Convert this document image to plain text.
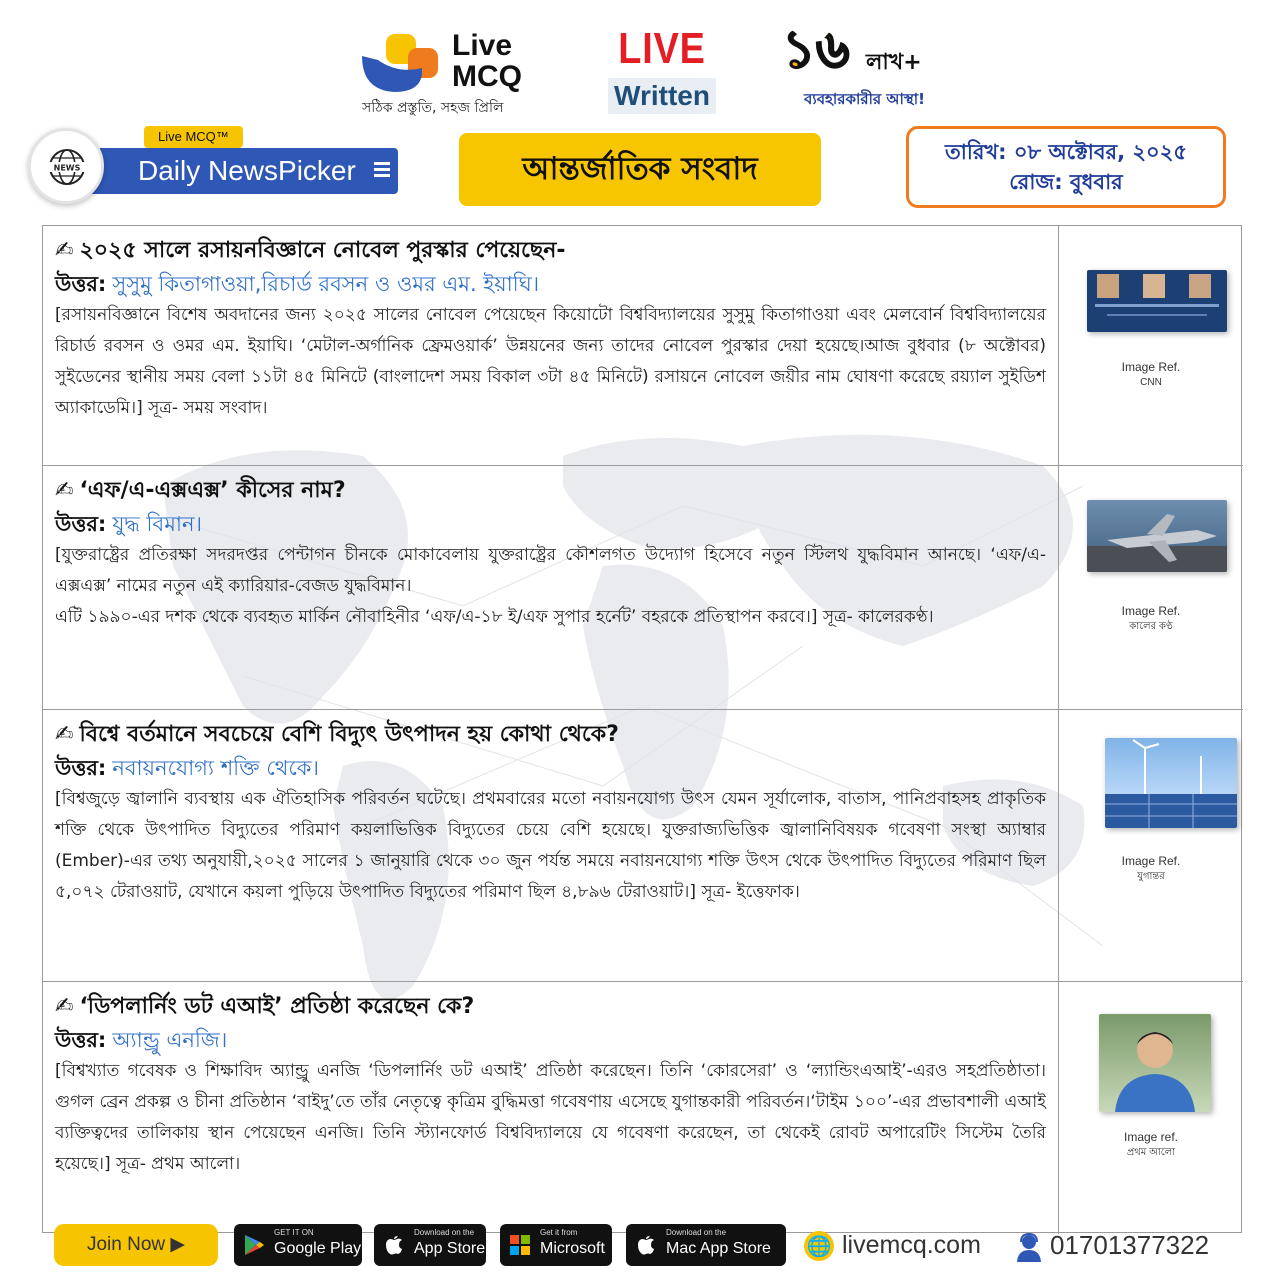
Live
MCQ
সঠিক প্রস্তুতি, সহজ প্রিলি
LIVE
Written
১৬ লাখ+
ব্যবহারকারীর আস্থা!
NEWS	Daily NewsPicker
Live MCQ™
আন্তর্জাতিক সংবাদ	তারিখ: ০৮ অক্টোবর, ২০২৫
রোজ: বুধবার
✍ ২০২৫ সালে রসায়নবিজ্ঞানে নোবেল পুরস্কার পেয়েছেন-
উত্তর: সুসুমু কিতাগাওয়া,রিচার্ড রবসন ও ওমর এম. ইয়াঘি।
[রসায়নবিজ্ঞানে বিশেষ অবদানের জন্য ২০২৫ সালের নোবেল পেয়েছেন কিয়োটো বিশ্ববিদ্যালয়ের সুসুমু কিতাগাওয়া এবং মেলবোর্ন বিশ্ববিদ্যালয়ের রিচার্ড রবসন ও ওমর এম. ইয়াঘি। ‘মেটাল-অর্গানিক ফ্রেমওয়ার্ক’ উন্নয়নের জন্য তাদের নোবেল পুরস্কার দেয়া হয়েছে।আজ বুধবার (৮ অক্টোবর) সুইডেনের স্থানীয় সময় বেলা ১১টা ৪৫ মিনিটে (বাংলাদেশ সময় বিকাল ৩টা ৪৫ মিনিটে) রসায়নে নোবেল জয়ীর নাম ঘোষণা করেছে রয়্যাল সুইডিশ অ্যাকাডেমি।] সূত্র- সময় সংবাদ।
Image Ref.
CNN
✍ ‘এফ/এ-এক্সএক্স’ কীসের নাম?
উত্তর: যুদ্ধ বিমান।
[যুক্তরাষ্ট্রের প্রতিরক্ষা সদরদপ্তর পেন্টাগন চীনকে মোকাবেলায় যুক্তরাষ্ট্রের কৌশলগত উদ্যোগ হিসেবে নতুন স্টিলথ যুদ্ধবিমান আনছে। ‘এফ/এ-এক্সএক্স’ নামের নতুন এই ক্যারিয়ার-বেজড যুদ্ধবিমান।
এটি ১৯৯০-এর দশক থেকে ব্যবহৃত মার্কিন নৌবাহিনীর ‘এফ/এ-১৮ ই/এফ সুপার হর্নেট’ বহরকে প্রতিস্থাপন করবে।] সূত্র- কালেরকণ্ঠ।	Image Ref.
কালের কণ্ঠ
✍ বিশ্বে বর্তমানে সবচেয়ে বেশি বিদ্যুৎ উৎপাদন হয় কোথা থেকে?
উত্তর: নবায়নযোগ্য শক্তি থেকে।
[বিশ্বজুড়ে জ্বালানি ব্যবস্থায় এক ঐতিহাসিক পরিবর্তন ঘটেছে। প্রথমবারের মতো নবায়নযোগ্য উৎস যেমন সূর্যালোক, বাতাস, পানিপ্রবাহসহ প্রাকৃতিক শক্তি থেকে উৎপাদিত বিদ্যুতের পরিমাণ কয়লাভিত্তিক বিদ্যুতের চেয়ে বেশি হয়েছে। যুক্তরাজ্যভিত্তিক জ্বালানিবিষয়ক গবেষণা সংস্থা অ্যাম্বার (Ember)-এর তথ্য অনুযায়ী,২০২৫ সালের ১ জানুয়ারি থেকে ৩০ জুন পর্যন্ত সময়ে নবায়নযোগ্য শক্তি উৎস থেকে উৎপাদিত বিদ্যুতের পরিমাণ ছিল ৫,০৭২ টেরাওয়াট, যেখানে কয়লা পুড়িয়ে উৎপাদিত বিদ্যুতের পরিমাণ ছিল ৪,৮৯৬ টেরাওয়াট।] সূত্র- ইত্তেফাক।
Image Ref.
যুগান্তর
✍ ‘ডিপলার্নিং ডট এআই’ প্রতিষ্ঠা করেছেন কে?
উত্তর: অ্যান্ড্রু এনজি।
[বিশ্বখ্যাত গবেষক ও শিক্ষাবিদ অ্যান্ড্রু এনজি ‘ডিপলার্নিং ডট এআই’ প্রতিষ্ঠা করেছেন। তিনি ‘কোরসেরা’ ও ‘ল্যান্ডিংএআই’-এরও সহপ্রতিষ্ঠাতা। গুগল ব্রেন প্রকল্প ও চীনা প্রতিষ্ঠান ‘বাইদু’তে তাঁর নেতৃত্বে কৃত্রিম বুদ্ধিমত্তা গবেষণায় এসেছে যুগান্তকারী পরিবর্তন।‘টাইম ১০০’-এর প্রভাবশালী এআই ব্যক্তিত্বদের তালিকায় স্থান পেয়েছেন এনজি। তিনি স্ট্যানফোর্ড বিশ্ববিদ্যালয়ে যে গবেষণা করেছেন, তা থেকেই রোবট অপারেটিং সিস্টেম তৈরি হয়েছে।] সূত্র- প্রথম আলো।
Image ref.
প্রথম আলো
Join Now ▶
GET IT ON
Google Play
Download on the
App Store
Get it from
Microsoft
Download on the
Mac App Store	🌐 livemcq.com	01701377322
